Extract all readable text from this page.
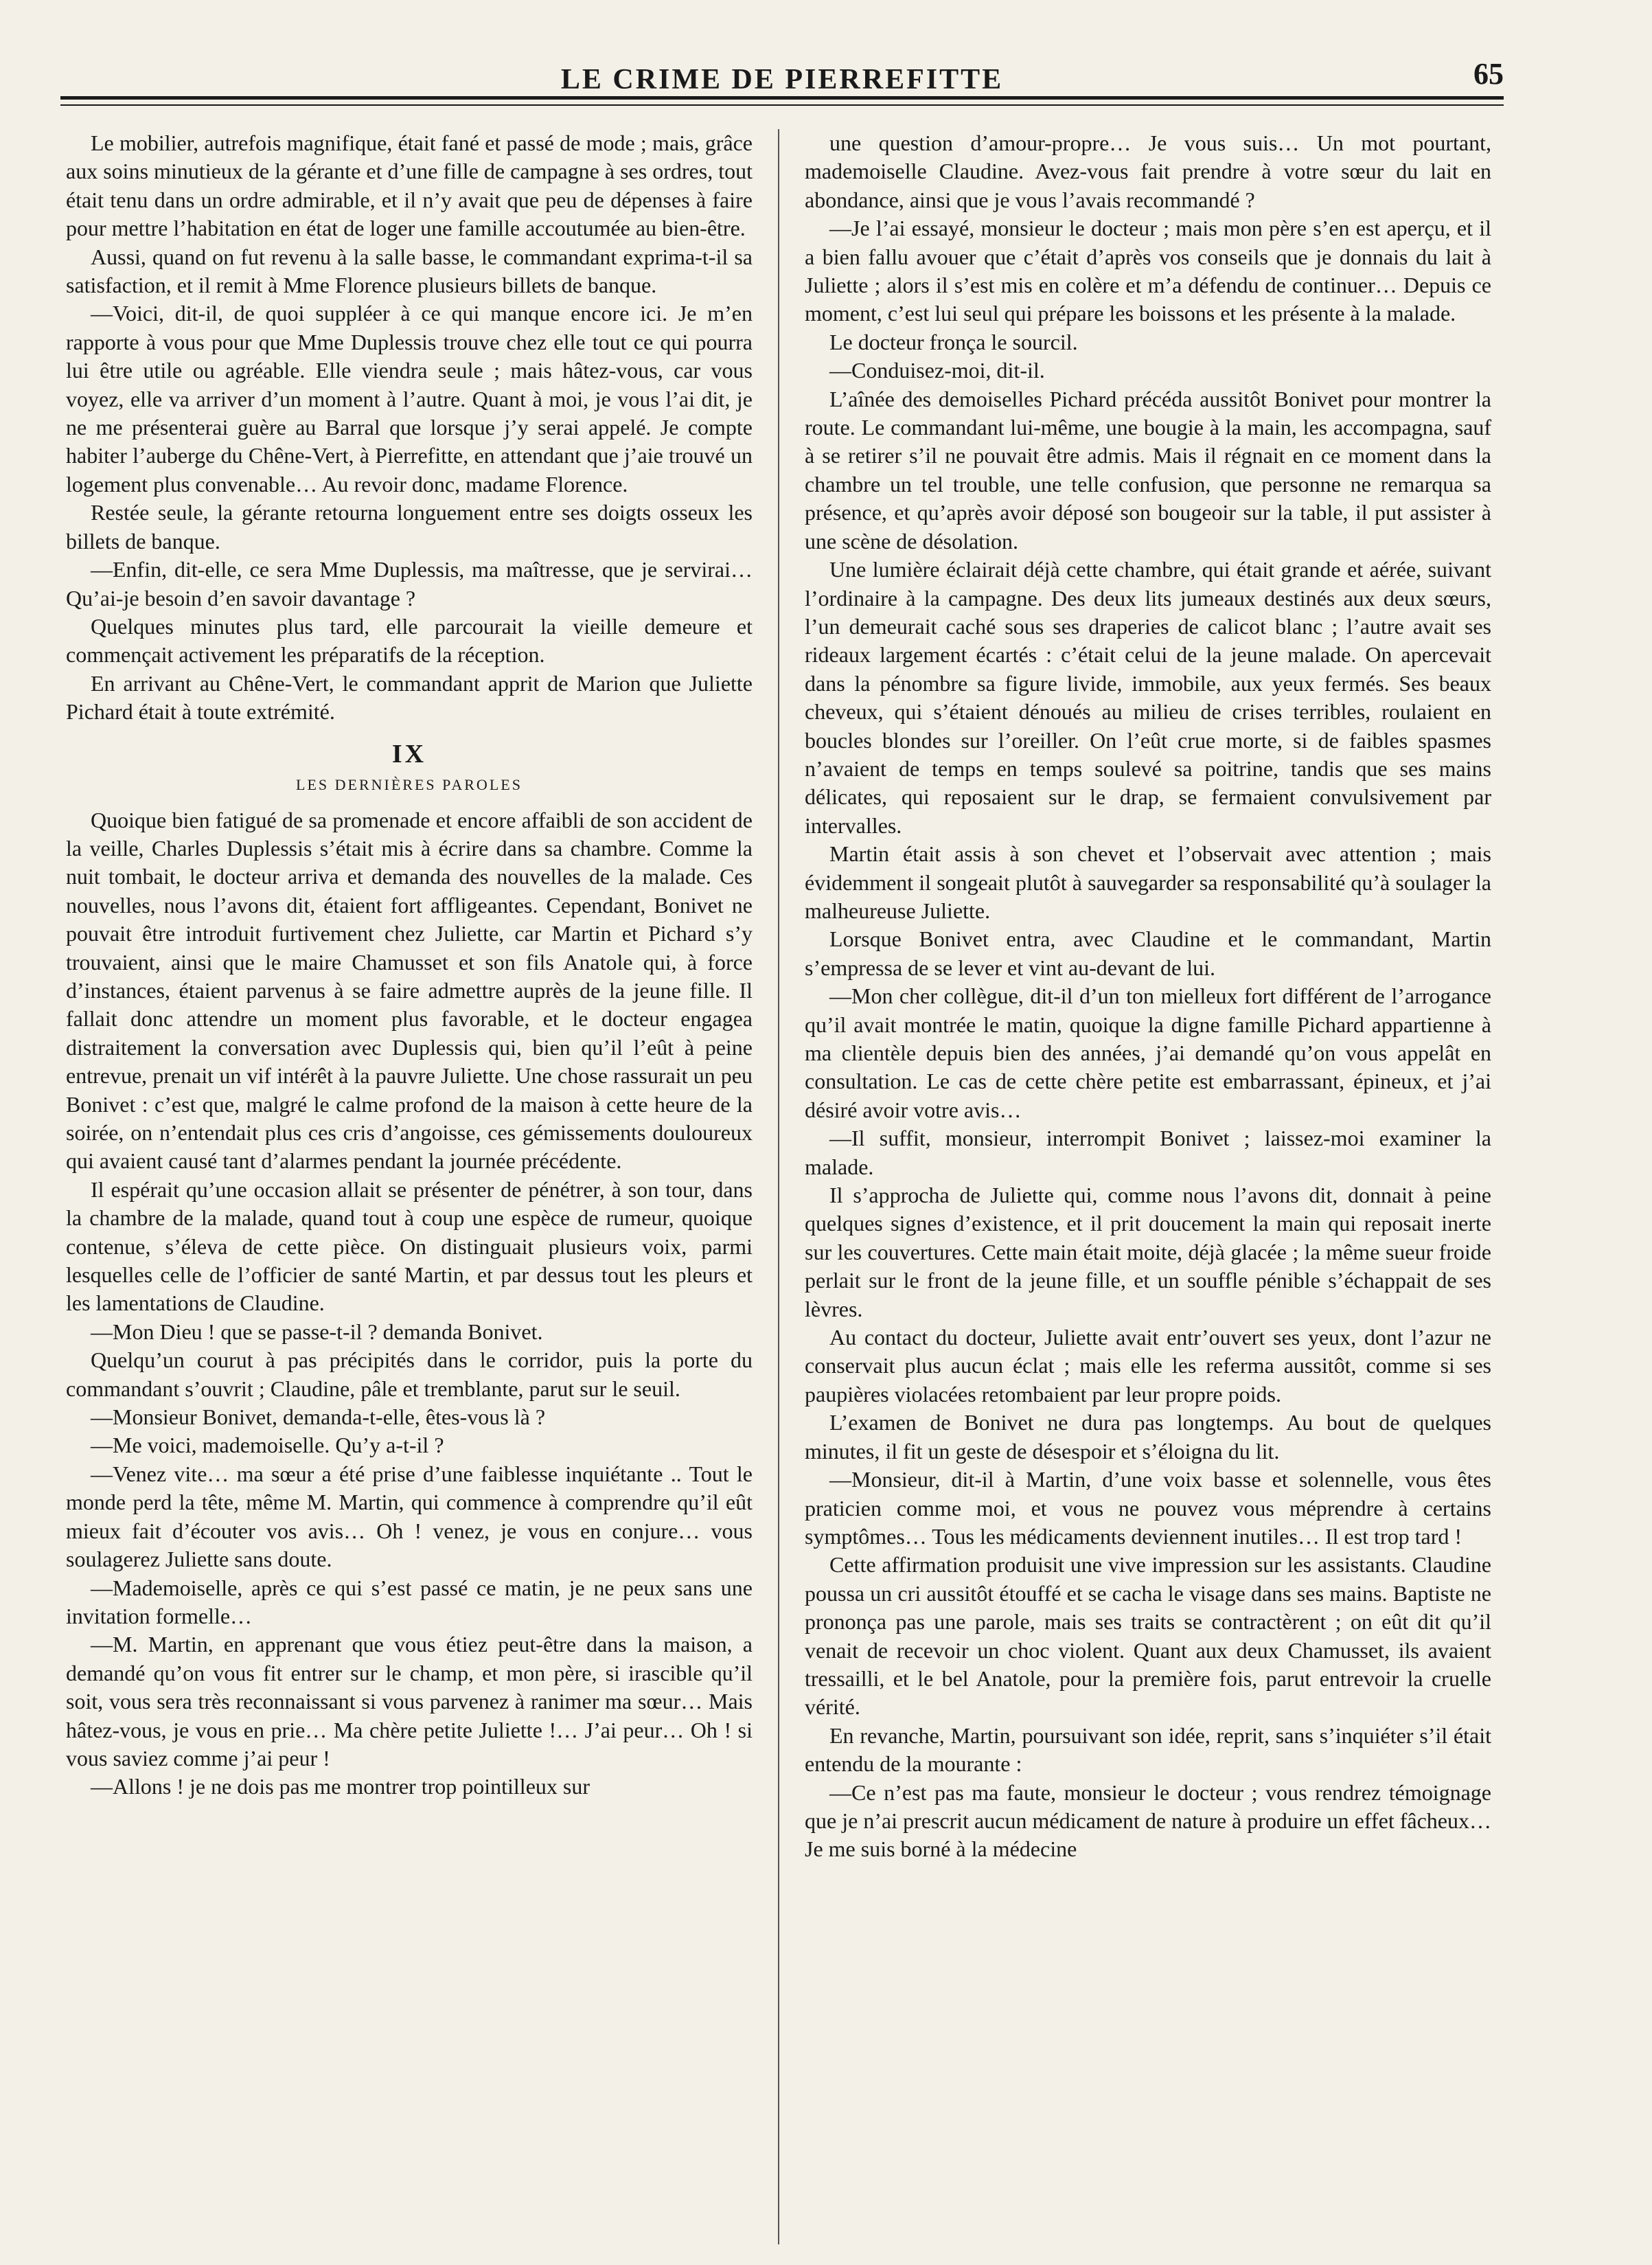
LE CRIME DE PIERREFITTE	65

Le mobilier, autrefois magnifique, était fané et passé de mode ; mais, grâce aux soins minutieux de la gérante et d’une fille de campagne à ses ordres, tout était tenu dans un ordre admirable, et il n’y avait que peu de dépenses à faire pour mettre l’habitation en état de loger une famille accoutumée au bien-être.

Aussi, quand on fut revenu à la salle basse, le commandant exprima-t-il sa satisfaction, et il remit à Mme Florence plusieurs billets de banque.

—Voici, dit-il, de quoi suppléer à ce qui manque encore ici. Je m’en rapporte à vous pour que Mme Duplessis trouve chez elle tout ce qui pourra lui être utile ou agréable. Elle viendra seule ; mais hâtez-vous, car vous voyez, elle va arriver d’un moment à l’autre. Quant à moi, je vous l’ai dit, je ne me présenterai guère au Barral que lorsque j’y serai appelé. Je compte habiter l’auberge du Chêne-Vert, à Pierrefitte, en attendant que j’aie trouvé un logement plus convenable… Au revoir donc, madame Florence.

Restée seule, la gérante retourna longuement entre ses doigts osseux les billets de banque.

—Enfin, dit-elle, ce sera Mme Duplessis, ma maîtresse, que je servirai… Qu’ai-je besoin d’en savoir davantage ?

Quelques minutes plus tard, elle parcourait la vieille demeure et commençait activement les préparatifs de la réception.

En arrivant au Chêne-Vert, le commandant apprit de Marion que Juliette Pichard était à toute extrémité.

IX
LES DERNIÈRES PAROLES

Quoique bien fatigué de sa promenade et encore affaibli de son accident de la veille, Charles Duplessis s’était mis à écrire dans sa chambre. Comme la nuit tombait, le docteur arriva et demanda des nouvelles de la malade. Ces nouvelles, nous l’avons dit, étaient fort affligeantes. Cependant, Bonivet ne pouvait être introduit furtivement chez Juliette, car Martin et Pichard s’y trouvaient, ainsi que le maire Chamusset et son fils Anatole qui, à force d’instances, étaient parvenus à se faire admettre auprès de la jeune fille. Il fallait donc attendre un moment plus favorable, et le docteur engagea distraitement la conversation avec Duplessis qui, bien qu’il l’eût à peine entrevue, prenait un vif intérêt à la pauvre Juliette. Une chose rassurait un peu Bonivet : c’est que, malgré le calme profond de la maison à cette heure de la soirée, on n’entendait plus ces cris d’angoisse, ces gémissements douloureux qui avaient causé tant d’alarmes pendant la journée précédente.

Il espérait qu’une occasion allait se présenter de pénétrer, à son tour, dans la chambre de la malade, quand tout à coup une espèce de rumeur, quoique contenue, s’éleva de cette pièce. On distinguait plusieurs voix, parmi lesquelles celle de l’officier de santé Martin, et par dessus tout les pleurs et les lamentations de Claudine.

—Mon Dieu ! que se passe-t-il ? demanda Bonivet.

Quelqu’un courut à pas précipités dans le corridor, puis la porte du commandant s’ouvrit ; Claudine, pâle et tremblante, parut sur le seuil.

—Monsieur Bonivet, demanda-t-elle, êtes-vous là ?

—Me voici, mademoiselle. Qu’y a-t-il ?

—Venez vite… ma sœur a été prise d’une faiblesse inquiétante .. Tout le monde perd la tête, même M. Martin, qui commence à comprendre qu’il eût mieux fait d’écouter vos avis… Oh ! venez, je vous en conjure… vous soulagerez Juliette sans doute.

—Mademoiselle, après ce qui s’est passé ce matin, je ne peux sans une invitation formelle…

—M. Martin, en apprenant que vous étiez peut-être dans la maison, a demandé qu’on vous fit entrer sur le champ, et mon père, si irascible qu’il soit, vous sera très reconnaissant si vous parvenez à ranimer ma sœur… Mais hâtez-vous, je vous en prie… Ma chère petite Juliette !… J’ai peur… Oh ! si vous saviez comme j’ai peur !

—Allons ! je ne dois pas me montrer trop pointilleux sur

une question d’amour-propre… Je vous suis… Un mot pourtant, mademoiselle Claudine. Avez-vous fait prendre à votre sœur du lait en abondance, ainsi que je vous l’avais recommandé ?

—Je l’ai essayé, monsieur le docteur ; mais mon père s’en est aperçu, et il a bien fallu avouer que c’était d’après vos conseils que je donnais du lait à Juliette ; alors il s’est mis en colère et m’a défendu de continuer… Depuis ce moment, c’est lui seul qui prépare les boissons et les présente à la malade.

Le docteur fronça le sourcil.

—Conduisez-moi, dit-il.

L’aînée des demoiselles Pichard précéda aussitôt Bonivet pour montrer la route. Le commandant lui-même, une bougie à la main, les accompagna, sauf à se retirer s’il ne pouvait être admis. Mais il régnait en ce moment dans la chambre un tel trouble, une telle confusion, que personne ne remarqua sa présence, et qu’après avoir déposé son bougeoir sur la table, il put assister à une scène de désolation.

Une lumière éclairait déjà cette chambre, qui était grande et aérée, suivant l’ordinaire à la campagne. Des deux lits jumeaux destinés aux deux sœurs, l’un demeurait caché sous ses draperies de calicot blanc ; l’autre avait ses rideaux largement écartés : c’était celui de la jeune malade. On apercevait dans la pénombre sa figure livide, immobile, aux yeux fermés. Ses beaux cheveux, qui s’étaient dénoués au milieu de crises terribles, roulaient en boucles blondes sur l’oreiller. On l’eût crue morte, si de faibles spasmes n’avaient de temps en temps soulevé sa poitrine, tandis que ses mains délicates, qui reposaient sur le drap, se fermaient convulsivement par intervalles.

Martin était assis à son chevet et l’observait avec attention ; mais évidemment il songeait plutôt à sauvegarder sa responsabilité qu’à soulager la malheureuse Juliette.

Lorsque Bonivet entra, avec Claudine et le commandant, Martin s’empressa de se lever et vint au-devant de lui.

—Mon cher collègue, dit-il d’un ton mielleux fort différent de l’arrogance qu’il avait montrée le matin, quoique la digne famille Pichard appartienne à ma clientèle depuis bien des années, j’ai demandé qu’on vous appelât en consultation. Le cas de cette chère petite est embarrassant, épineux, et j’ai désiré avoir votre avis…

—Il suffit, monsieur, interrompit Bonivet ; laissez-moi examiner la malade.

Il s’approcha de Juliette qui, comme nous l’avons dit, donnait à peine quelques signes d’existence, et il prit doucement la main qui reposait inerte sur les couvertures. Cette main était moite, déjà glacée ; la même sueur froide perlait sur le front de la jeune fille, et un souffle pénible s’échappait de ses lèvres.

Au contact du docteur, Juliette avait entr’ouvert ses yeux, dont l’azur ne conservait plus aucun éclat ; mais elle les referma aussitôt, comme si ses paupières violacées retombaient par leur propre poids.

L’examen de Bonivet ne dura pas longtemps. Au bout de quelques minutes, il fit un geste de désespoir et s’éloigna du lit.

—Monsieur, dit-il à Martin, d’une voix basse et solennelle, vous êtes praticien comme moi, et vous ne pouvez vous méprendre à certains symptômes… Tous les médicaments deviennent inutiles… Il est trop tard !

Cette affirmation produisit une vive impression sur les assistants. Claudine poussa un cri aussitôt étouffé et se cacha le visage dans ses mains. Baptiste ne prononça pas une parole, mais ses traits se contractèrent ; on eût dit qu’il venait de recevoir un choc violent. Quant aux deux Chamusset, ils avaient tressailli, et le bel Anatole, pour la première fois, parut entrevoir la cruelle vérité.

En revanche, Martin, poursuivant son idée, reprit, sans s’inquiéter s’il était entendu de la mourante :

—Ce n’est pas ma faute, monsieur le docteur ; vous rendrez témoignage que je n’ai prescrit aucun médicament de nature à produire un effet fâcheux… Je me suis borné à la médecine
